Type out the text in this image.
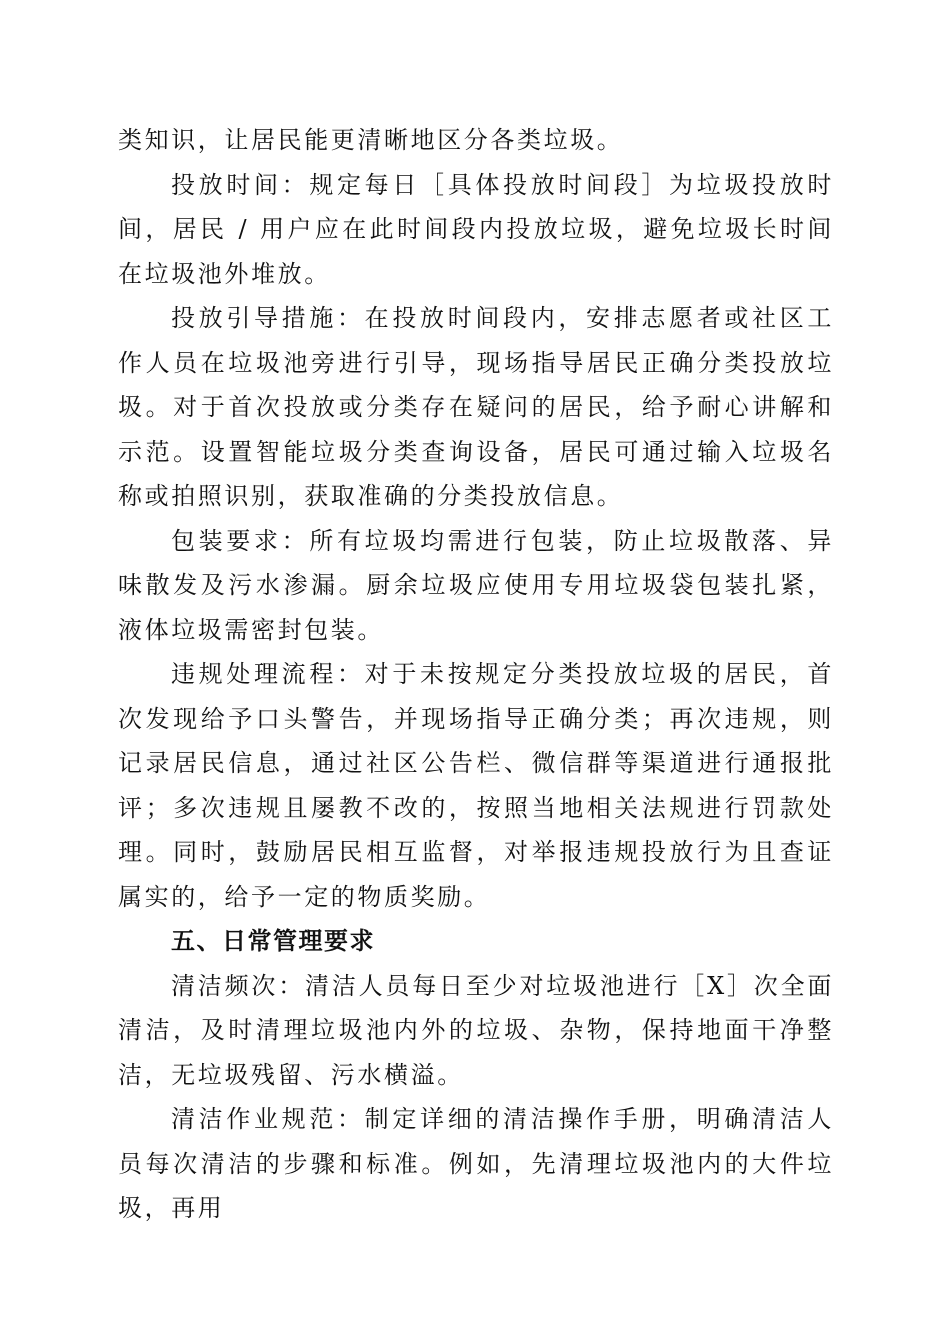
类知识，让居民能更清晰地区分各类垃圾。

投放时间：规定每日［具体投放时间段］为垃圾投放时间，居民 / 用户应在此时间段内投放垃圾，避免垃圾长时间在垃圾池外堆放。

投放引导措施：在投放时间段内，安排志愿者或社区工作人员在垃圾池旁进行引导，现场指导居民正确分类投放垃圾。对于首次投放或分类存在疑问的居民，给予耐心讲解和示范。设置智能垃圾分类查询设备，居民可通过输入垃圾名称或拍照识别，获取准确的分类投放信息。

包装要求：所有垃圾均需进行包装，防止垃圾散落、异味散发及污水渗漏。厨余垃圾应使用专用垃圾袋包装扎紧，液体垃圾需密封包装。

违规处理流程：对于未按规定分类投放垃圾的居民，首次发现给予口头警告，并现场指导正确分类；再次违规，则记录居民信息，通过社区公告栏、微信群等渠道进行通报批评；多次违规且屡教不改的，按照当地相关法规进行罚款处理。同时，鼓励居民相互监督，对举报违规投放行为且查证属实的，给予一定的物质奖励。

五、日常管理要求

清洁频次：清洁人员每日至少对垃圾池进行［X］次全面清洁，及时清理垃圾池内外的垃圾、杂物，保持地面干净整洁，无垃圾残留、污水横溢。

清洁作业规范：制定详细的清洁操作手册，明确清洁人员每次清洁的步骤和标准。例如，先清理垃圾池内的大件垃圾，再用
